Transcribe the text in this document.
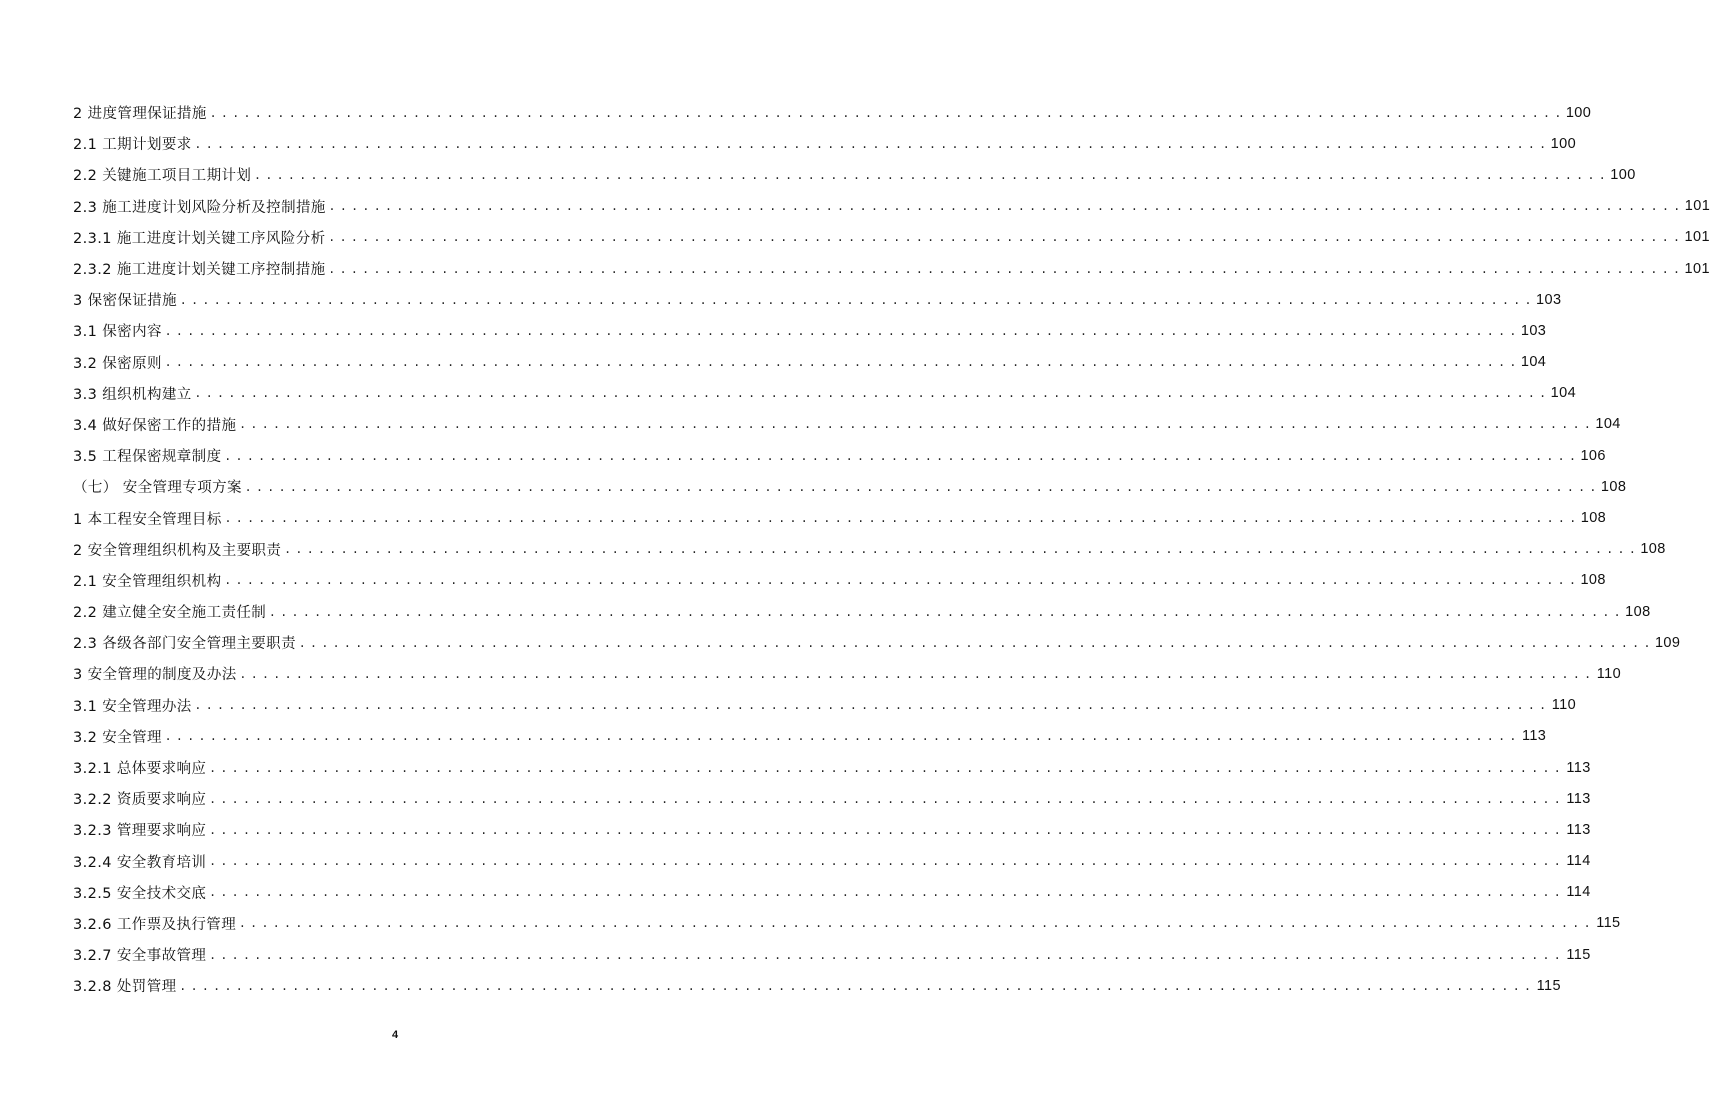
2 进度管理保证措施 . . . . . . . . . . . . . . . . . . . . . . . . . . . . . . . . . . . . . . . . . . . . . . . . . . . . . . . . . . . . . . . . . . . . . . . . . . . . . . . . . . . . . . . . . . . . . . . . . . . . . . . . . . . . . . . . . . . . . . . . 100
2.1 工期计划要求 . . . . . . . . . . . . . . . . . . . . . . . . . . . . . . . . . . . . . . . . . . . . . . . . . . . . . . . . . . . . . . . . . . . . . . . . . . . . . . . . . . . . . . . . . . . . . . . . . . . . . . . . . . . . . . . . . . . . . . . . 100
2.2 关键施工项目工期计划 . . . . . . . . . . . . . . . . . . . . . . . . . . . . . . . . . . . . . . . . . . . . . . . . . . . . . . . . . . . . . . . . . . . . . . . . . . . . . . . . . . . . . . . . . . . . . . . . . . . . . . . . . . . . . . . . . . . . . . . . 100
2.3 施工进度计划风险分析及控制措施 . . . . . . . . . . . . . . . . . . . . . . . . . . . . . . . . . . . . . . . . . . . . . . . . . . . . . . . . . . . . . . . . . . . . . . . . . . . . . . . . . . . . . . . . . . . . . . . . . . . . . . . . . . . . . . . . . . . . . . . . 101
2.3.1 施工进度计划关键工序风险分析 . . . . . . . . . . . . . . . . . . . . . . . . . . . . . . . . . . . . . . . . . . . . . . . . . . . . . . . . . . . . . . . . . . . . . . . . . . . . . . . . . . . . . . . . . . . . . . . . . . . . . . . . . . . . . . . . . . . . . . . . 101
2.3.2 施工进度计划关键工序控制措施 . . . . . . . . . . . . . . . . . . . . . . . . . . . . . . . . . . . . . . . . . . . . . . . . . . . . . . . . . . . . . . . . . . . . . . . . . . . . . . . . . . . . . . . . . . . . . . . . . . . . . . . . . . . . . . . . . . . . . . . . 101
3 保密保证措施 . . . . . . . . . . . . . . . . . . . . . . . . . . . . . . . . . . . . . . . . . . . . . . . . . . . . . . . . . . . . . . . . . . . . . . . . . . . . . . . . . . . . . . . . . . . . . . . . . . . . . . . . . . . . . . . . . . . . . . . . 103
3.1 保密内容 . . . . . . . . . . . . . . . . . . . . . . . . . . . . . . . . . . . . . . . . . . . . . . . . . . . . . . . . . . . . . . . . . . . . . . . . . . . . . . . . . . . . . . . . . . . . . . . . . . . . . . . . . . . . . . . . . . . . . . . . 103
3.2 保密原则 . . . . . . . . . . . . . . . . . . . . . . . . . . . . . . . . . . . . . . . . . . . . . . . . . . . . . . . . . . . . . . . . . . . . . . . . . . . . . . . . . . . . . . . . . . . . . . . . . . . . . . . . . . . . . . . . . . . . . . . . 104
3.3 组织机构建立 . . . . . . . . . . . . . . . . . . . . . . . . . . . . . . . . . . . . . . . . . . . . . . . . . . . . . . . . . . . . . . . . . . . . . . . . . . . . . . . . . . . . . . . . . . . . . . . . . . . . . . . . . . . . . . . . . . . . . . . . 104
3.4 做好保密工作的措施 . . . . . . . . . . . . . . . . . . . . . . . . . . . . . . . . . . . . . . . . . . . . . . . . . . . . . . . . . . . . . . . . . . . . . . . . . . . . . . . . . . . . . . . . . . . . . . . . . . . . . . . . . . . . . . . . . . . . . . . . 104
3.5 工程保密规章制度 . . . . . . . . . . . . . . . . . . . . . . . . . . . . . . . . . . . . . . . . . . . . . . . . . . . . . . . . . . . . . . . . . . . . . . . . . . . . . . . . . . . . . . . . . . . . . . . . . . . . . . . . . . . . . . . . . . . . . . . . 106
（七） 安全管理专项方案 . . . . . . . . . . . . . . . . . . . . . . . . . . . . . . . . . . . . . . . . . . . . . . . . . . . . . . . . . . . . . . . . . . . . . . . . . . . . . . . . . . . . . . . . . . . . . . . . . . . . . . . . . . . . . . . . . . . . . . . . 108
1 本工程安全管理目标 . . . . . . . . . . . . . . . . . . . . . . . . . . . . . . . . . . . . . . . . . . . . . . . . . . . . . . . . . . . . . . . . . . . . . . . . . . . . . . . . . . . . . . . . . . . . . . . . . . . . . . . . . . . . . . . . . . . . . . . . 108
2 安全管理组织机构及主要职责 . . . . . . . . . . . . . . . . . . . . . . . . . . . . . . . . . . . . . . . . . . . . . . . . . . . . . . . . . . . . . . . . . . . . . . . . . . . . . . . . . . . . . . . . . . . . . . . . . . . . . . . . . . . . . . . . . . . . . . . . 108
2.1 安全管理组织机构 . . . . . . . . . . . . . . . . . . . . . . . . . . . . . . . . . . . . . . . . . . . . . . . . . . . . . . . . . . . . . . . . . . . . . . . . . . . . . . . . . . . . . . . . . . . . . . . . . . . . . . . . . . . . . . . . . . . . . . . . 108
2.2 建立健全安全施工责任制 . . . . . . . . . . . . . . . . . . . . . . . . . . . . . . . . . . . . . . . . . . . . . . . . . . . . . . . . . . . . . . . . . . . . . . . . . . . . . . . . . . . . . . . . . . . . . . . . . . . . . . . . . . . . . . . . . . . . . . . . 108
2.3 各级各部门安全管理主要职责 . . . . . . . . . . . . . . . . . . . . . . . . . . . . . . . . . . . . . . . . . . . . . . . . . . . . . . . . . . . . . . . . . . . . . . . . . . . . . . . . . . . . . . . . . . . . . . . . . . . . . . . . . . . . . . . . . . . . . . . . 109
3 安全管理的制度及办法 . . . . . . . . . . . . . . . . . . . . . . . . . . . . . . . . . . . . . . . . . . . . . . . . . . . . . . . . . . . . . . . . . . . . . . . . . . . . . . . . . . . . . . . . . . . . . . . . . . . . . . . . . . . . . . . . . . . . . . . . 110
3.1 安全管理办法 . . . . . . . . . . . . . . . . . . . . . . . . . . . . . . . . . . . . . . . . . . . . . . . . . . . . . . . . . . . . . . . . . . . . . . . . . . . . . . . . . . . . . . . . . . . . . . . . . . . . . . . . . . . . . . . . . . . . . . . . 110
3.2 安全管理 . . . . . . . . . . . . . . . . . . . . . . . . . . . . . . . . . . . . . . . . . . . . . . . . . . . . . . . . . . . . . . . . . . . . . . . . . . . . . . . . . . . . . . . . . . . . . . . . . . . . . . . . . . . . . . . . . . . . . . . . 113
3.2.1 总体要求响应 . . . . . . . . . . . . . . . . . . . . . . . . . . . . . . . . . . . . . . . . . . . . . . . . . . . . . . . . . . . . . . . . . . . . . . . . . . . . . . . . . . . . . . . . . . . . . . . . . . . . . . . . . . . . . . . . . . . . . . . . 113
3.2.2 资质要求响应 . . . . . . . . . . . . . . . . . . . . . . . . . . . . . . . . . . . . . . . . . . . . . . . . . . . . . . . . . . . . . . . . . . . . . . . . . . . . . . . . . . . . . . . . . . . . . . . . . . . . . . . . . . . . . . . . . . . . . . . . 113
3.2.3 管理要求响应 . . . . . . . . . . . . . . . . . . . . . . . . . . . . . . . . . . . . . . . . . . . . . . . . . . . . . . . . . . . . . . . . . . . . . . . . . . . . . . . . . . . . . . . . . . . . . . . . . . . . . . . . . . . . . . . . . . . . . . . . 113
3.2.4 安全教育培训 . . . . . . . . . . . . . . . . . . . . . . . . . . . . . . . . . . . . . . . . . . . . . . . . . . . . . . . . . . . . . . . . . . . . . . . . . . . . . . . . . . . . . . . . . . . . . . . . . . . . . . . . . . . . . . . . . . . . . . . . 114
3.2.5 安全技术交底 . . . . . . . . . . . . . . . . . . . . . . . . . . . . . . . . . . . . . . . . . . . . . . . . . . . . . . . . . . . . . . . . . . . . . . . . . . . . . . . . . . . . . . . . . . . . . . . . . . . . . . . . . . . . . . . . . . . . . . . . 114
3.2.6 工作票及执行管理 . . . . . . . . . . . . . . . . . . . . . . . . . . . . . . . . . . . . . . . . . . . . . . . . . . . . . . . . . . . . . . . . . . . . . . . . . . . . . . . . . . . . . . . . . . . . . . . . . . . . . . . . . . . . . . . . . . . . . . . . 115
3.2.7 安全事故管理 . . . . . . . . . . . . . . . . . . . . . . . . . . . . . . . . . . . . . . . . . . . . . . . . . . . . . . . . . . . . . . . . . . . . . . . . . . . . . . . . . . . . . . . . . . . . . . . . . . . . . . . . . . . . . . . . . . . . . . . . 115
3.2.8 处罚管理 . . . . . . . . . . . . . . . . . . . . . . . . . . . . . . . . . . . . . . . . . . . . . . . . . . . . . . . . . . . . . . . . . . . . . . . . . . . . . . . . . . . . . . . . . . . . . . . . . . . . . . . . . . . . . . . . . . . . . . . . 115
4
